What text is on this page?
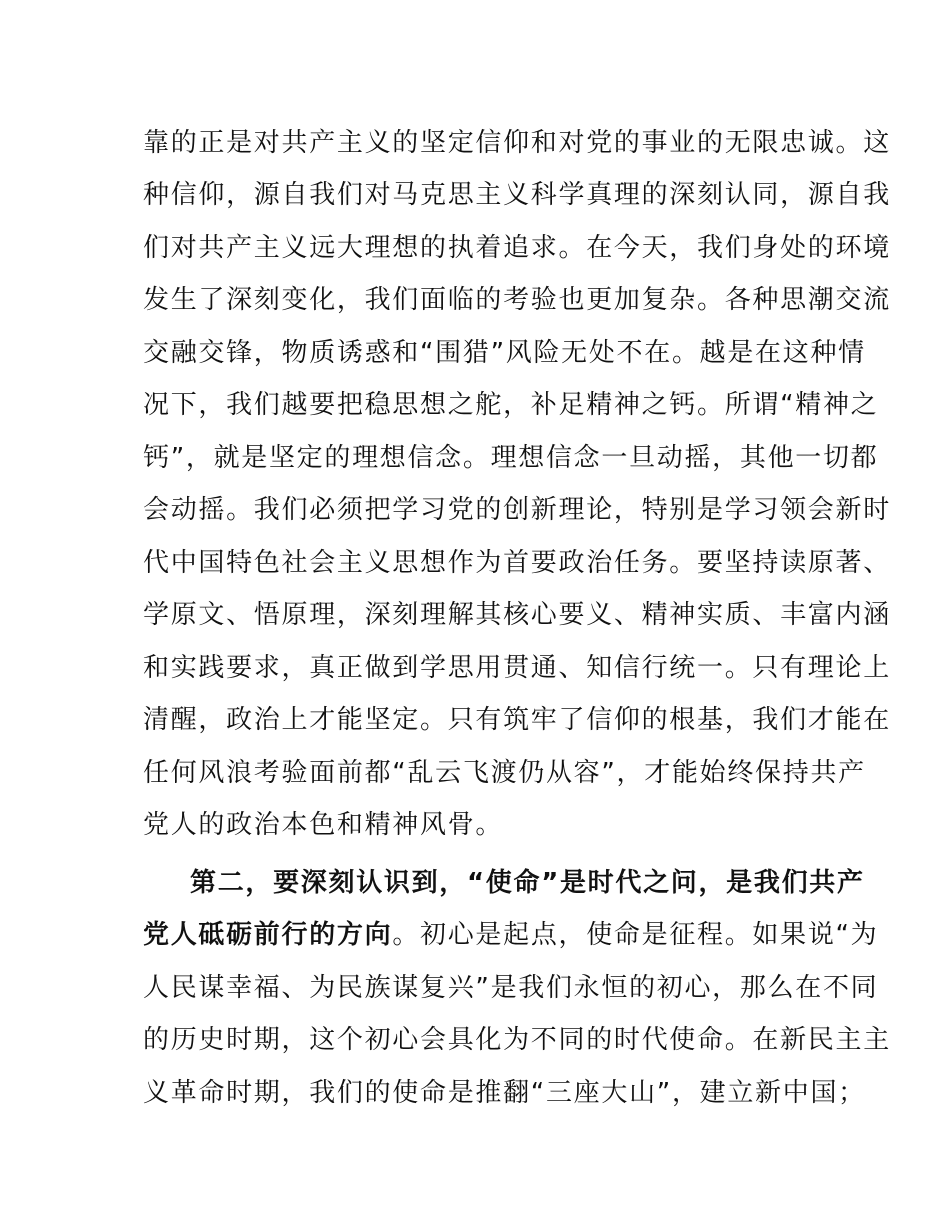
靠的正是对共产主义的坚定信仰和对党的事业的无限忠诚。这
种信仰，源自我们对马克思主义科学真理的深刻认同，源自我
们对共产主义远大理想的执着追求。在今天，我们身处的环境
发生了深刻变化，我们面临的考验也更加复杂。各种思潮交流
交融交锋，物质诱惑和“围猎”风险无处不在。越是在这种情
况下，我们越要把稳思想之舵，补足精神之钙。所谓“精神之
钙”，就是坚定的理想信念。理想信念一旦动摇，其他一切都
会动摇。我们必须把学习党的创新理论，特别是学习领会新时
代中国特色社会主义思想作为首要政治任务。要坚持读原著、
学原文、悟原理，深刻理解其核心要义、精神实质、丰富内涵
和实践要求，真正做到学思用贯通、知信行统一。只有理论上
清醒，政治上才能坚定。只有筑牢了信仰的根基，我们才能在
任何风浪考验面前都“乱云飞渡仍从容”，才能始终保持共产
党人的政治本色和精神风骨。
第二，要深刻认识到，“使命”是时代之问，是我们共产
党人砥砺前行的方向。初心是起点，使命是征程。如果说“为
人民谋幸福、为民族谋复兴”是我们永恒的初心，那么在不同
的历史时期，这个初心会具化为不同的时代使命。在新民主主
义革命时期，我们的使命是推翻“三座大山”，建立新中国；
